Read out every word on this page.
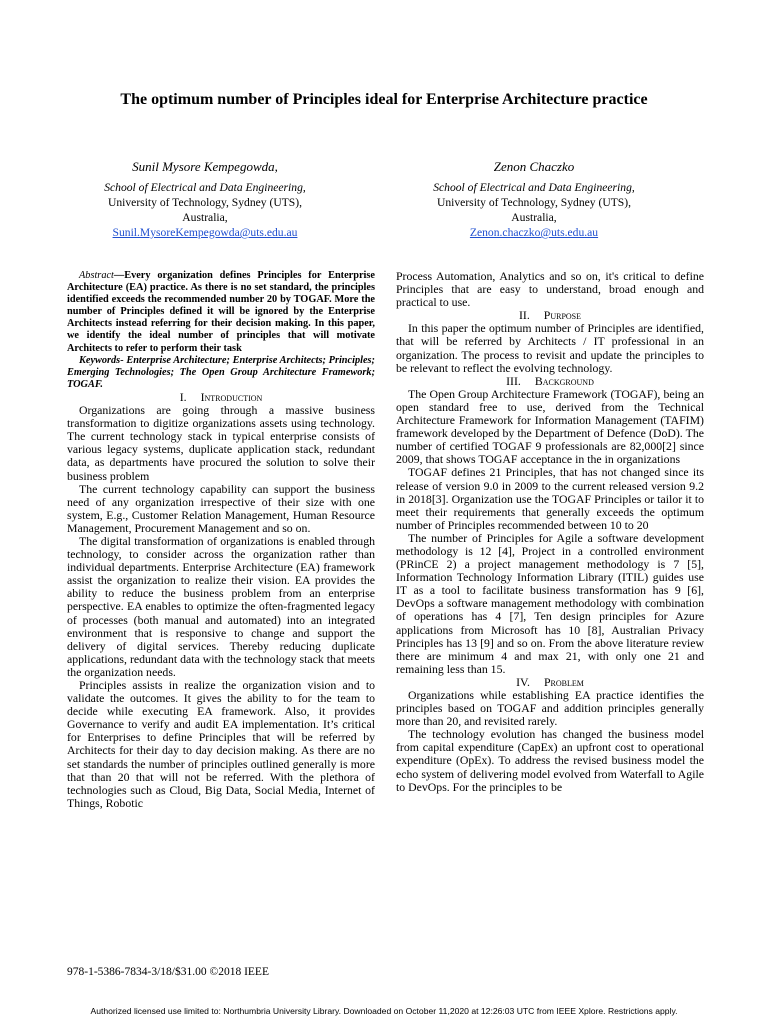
The optimum number of Principles ideal for Enterprise Architecture practice
Sunil Mysore Kempegowda,
School of Electrical and Data Engineering,
University of Technology, Sydney (UTS),
Australia,
Sunil.MysoreKempegowda@uts.edu.au
Zenon Chaczko
School of Electrical and Data Engineering,
University of Technology, Sydney (UTS),
Australia,
Zenon.chaczko@uts.edu.au

Abstract—Every organization defines Principles for Enterprise Architecture (EA) practice. As there is no set standard, the principles identified exceeds the recommended number 20 by TOGAF. More the number of Principles defined it will be ignored by the Enterprise Architects instead referring for their decision making. In this paper, we identify the ideal number of principles that will motivate Architects to refer to perform their task

Keywords- Enterprise Architecture; Enterprise Architects; Principles; Emerging Technologies; The Open Group Architecture Framework; TOGAF.

I. Introduction

Organizations are going through a massive business transformation to digitize organizations assets using technology. The current technology stack in typical enterprise consists of various legacy systems, duplicate application stack, redundant data, as departments have procured the solution to solve their business problem

The current technology capability can support the business need of any organization irrespective of their size with one system, E.g., Customer Relation Management, Human Resource Management, Procurement Management and so on.

The digital transformation of organizations is enabled through technology, to consider across the organization rather than individual departments. Enterprise Architecture (EA) framework assist the organization to realize their vision. EA provides the ability to reduce the business problem from an enterprise perspective. EA enables to optimize the often-fragmented legacy of processes (both manual and automated) into an integrated environment that is responsive to change and support the delivery of digital services. Thereby reducing duplicate applications, redundant data with the technology stack that meets the organization needs.

Principles assists in realize the organization vision and to validate the outcomes. It gives the ability to for the team to decide while executing EA framework. Also, it provides Governance to verify and audit EA implementation. It’s critical for Enterprises to define Principles that will be referred by Architects for their day to day decision making. As there are no set standards the number of principles outlined generally is more that than 20 that will not be referred. With the plethora of technologies such as Cloud, Big Data, Social Media, Internet of Things, Robotic

Process Automation, Analytics and so on, it's critical to define Principles that are easy to understand, broad enough and practical to use.

II. Purpose

In this paper the optimum number of Principles are identified, that will be referred by Architects / IT professional in an organization. The process to revisit and update the principles to be relevant to reflect the evolving technology.

III. Background

The Open Group Architecture Framework (TOGAF), being an open standard free to use, derived from the Technical Architecture Framework for Information Management (TAFIM) framework developed by the Department of Defence (DoD). The number of certified TOGAF 9 professionals are 82,000[2] since 2009, that shows TOGAF acceptance in the in organizations

TOGAF defines 21 Principles, that has not changed since its release of version 9.0 in 2009 to the current released version 9.2 in 2018[3]. Organization use the TOGAF Principles or tailor it to meet their requirements that generally exceeds the optimum number of Principles recommended between 10 to 20

The number of Principles for Agile a software development methodology is 12 [4], Project in a controlled environment (PRinCE 2) a project management methodology is 7 [5], Information Technology Information Library (ITIL) guides use IT as a tool to facilitate business transformation has 9 [6], DevOps a software management methodology with combination of operations has 4 [7], Ten design principles for Azure applications from Microsoft has 10 [8], Australian Privacy Principles has 13 [9] and so on. From the above literature review there are minimum 4 and max 21, with only one 21 and remaining less than 15.

IV. Problem

Organizations while establishing EA practice identifies the principles based on TOGAF and addition principles generally more than 20, and revisited rarely.

The technology evolution has changed the business model from capital expenditure (CapEx) an upfront cost to operational expenditure (OpEx). To address the revised business model the echo system of delivering model evolved from Waterfall to Agile to DevOps. For the principles to be

978-1-5386-7834-3/18/$31.00 ©2018 IEEE
Authorized licensed use limited to: Northumbria University Library. Downloaded on October 11,2020 at 12:26:03 UTC from IEEE Xplore. Restrictions apply.
